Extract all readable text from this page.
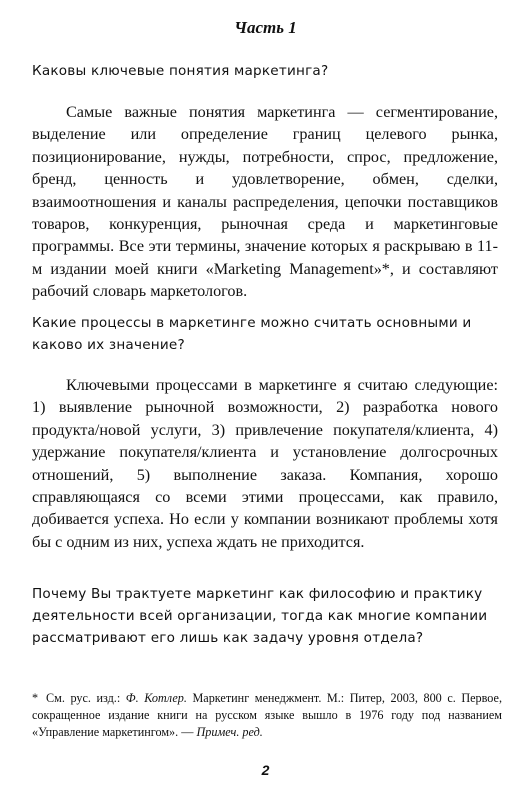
Часть 1
Каковы ключевые понятия маркетинга?
Самые важные понятия маркетинга — сегментирование, выделение или определение границ целевого рынка, позиционирование, нужды, потребности, спрос, предложение, бренд, ценность и удовлетворение, обмен, сделки, взаимоотношения и каналы распределения, цепочки поставщиков товаров, конкуренция, рыночная среда и маркетинговые программы. Все эти термины, значение которых я раскрываю в 11-м издании моей книги «Marketing Management»*, и составляют рабочий словарь маркетологов.
Какие процессы в маркетинге можно считать основными и каково их значение?
Ключевыми процессами в маркетинге я считаю следующие: 1) выявление рыночной возможности, 2) разработка нового продукта/новой услуги, 3) привлечение покупателя/клиента, 4) удержание покупателя/клиента и установление долгосрочных отношений, 5) выполнение заказа. Компания, хорошо справляющаяся со всеми этими процессами, как правило, добивается успеха. Но если у компании возникают проблемы хотя бы с одним из них, успеха ждать не приходится.
Почему Вы трактуете маркетинг как философию и практику деятельности всей организации, тогда как многие компании рассматривают его лишь как задачу уровня отдела?
* См. рус. изд.: Ф. Котлер. Маркетинг менеджмент. М.: Питер, 2003, 800 с. Первое, сокращенное издание книги на русском языке вышло в 1976 году под названием «Управление маркетингом». — Примеч. ред.
2
